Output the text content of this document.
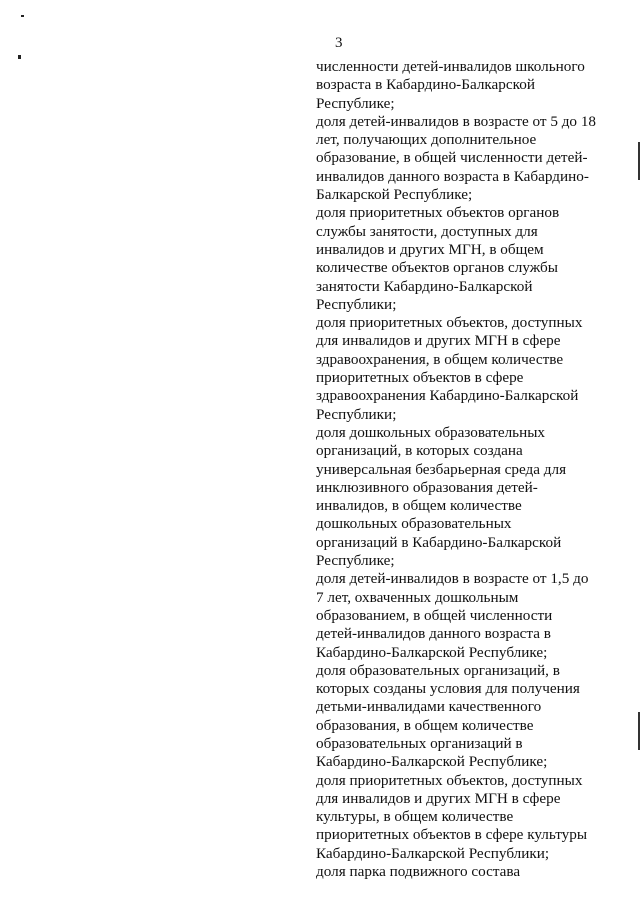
3
численности детей-инвалидов школьного
возраста в Кабардино-Балкарской
Республике;
доля детей-инвалидов в возрасте от 5 до 18
лет, получающих дополнительное
образование, в общей численности детей-
инвалидов данного возраста в Кабардино-
Балкарской Республике;
доля приоритетных объектов органов
службы занятости, доступных для
инвалидов и других МГН, в общем
количестве объектов органов службы
занятости Кабардино-Балкарской
Республики;
доля приоритетных объектов, доступных
для инвалидов и других МГН в сфере
здравоохранения, в общем количестве
приоритетных объектов в сфере
здравоохранения Кабардино-Балкарской
Республики;
доля дошкольных образовательных
организаций, в которых создана
универсальная безбарьерная среда для
инклюзивного образования детей-
инвалидов, в общем количестве
дошкольных образовательных
организаций в Кабардино-Балкарской
Республике;
доля детей-инвалидов в возрасте от 1,5 до
7 лет, охваченных дошкольным
образованием, в общей численности
детей-инвалидов данного возраста в
Кабардино-Балкарской Республике;
доля образовательных организаций, в
которых созданы условия для получения
детьми-инвалидами качественного
образования, в общем количестве
образовательных организаций в
Кабардино-Балкарской Республике;
доля приоритетных объектов, доступных
для инвалидов и других МГН в сфере
культуры, в общем количестве
приоритетных объектов в сфере культуры
Кабардино-Балкарской Республики;
доля парка подвижного состава
